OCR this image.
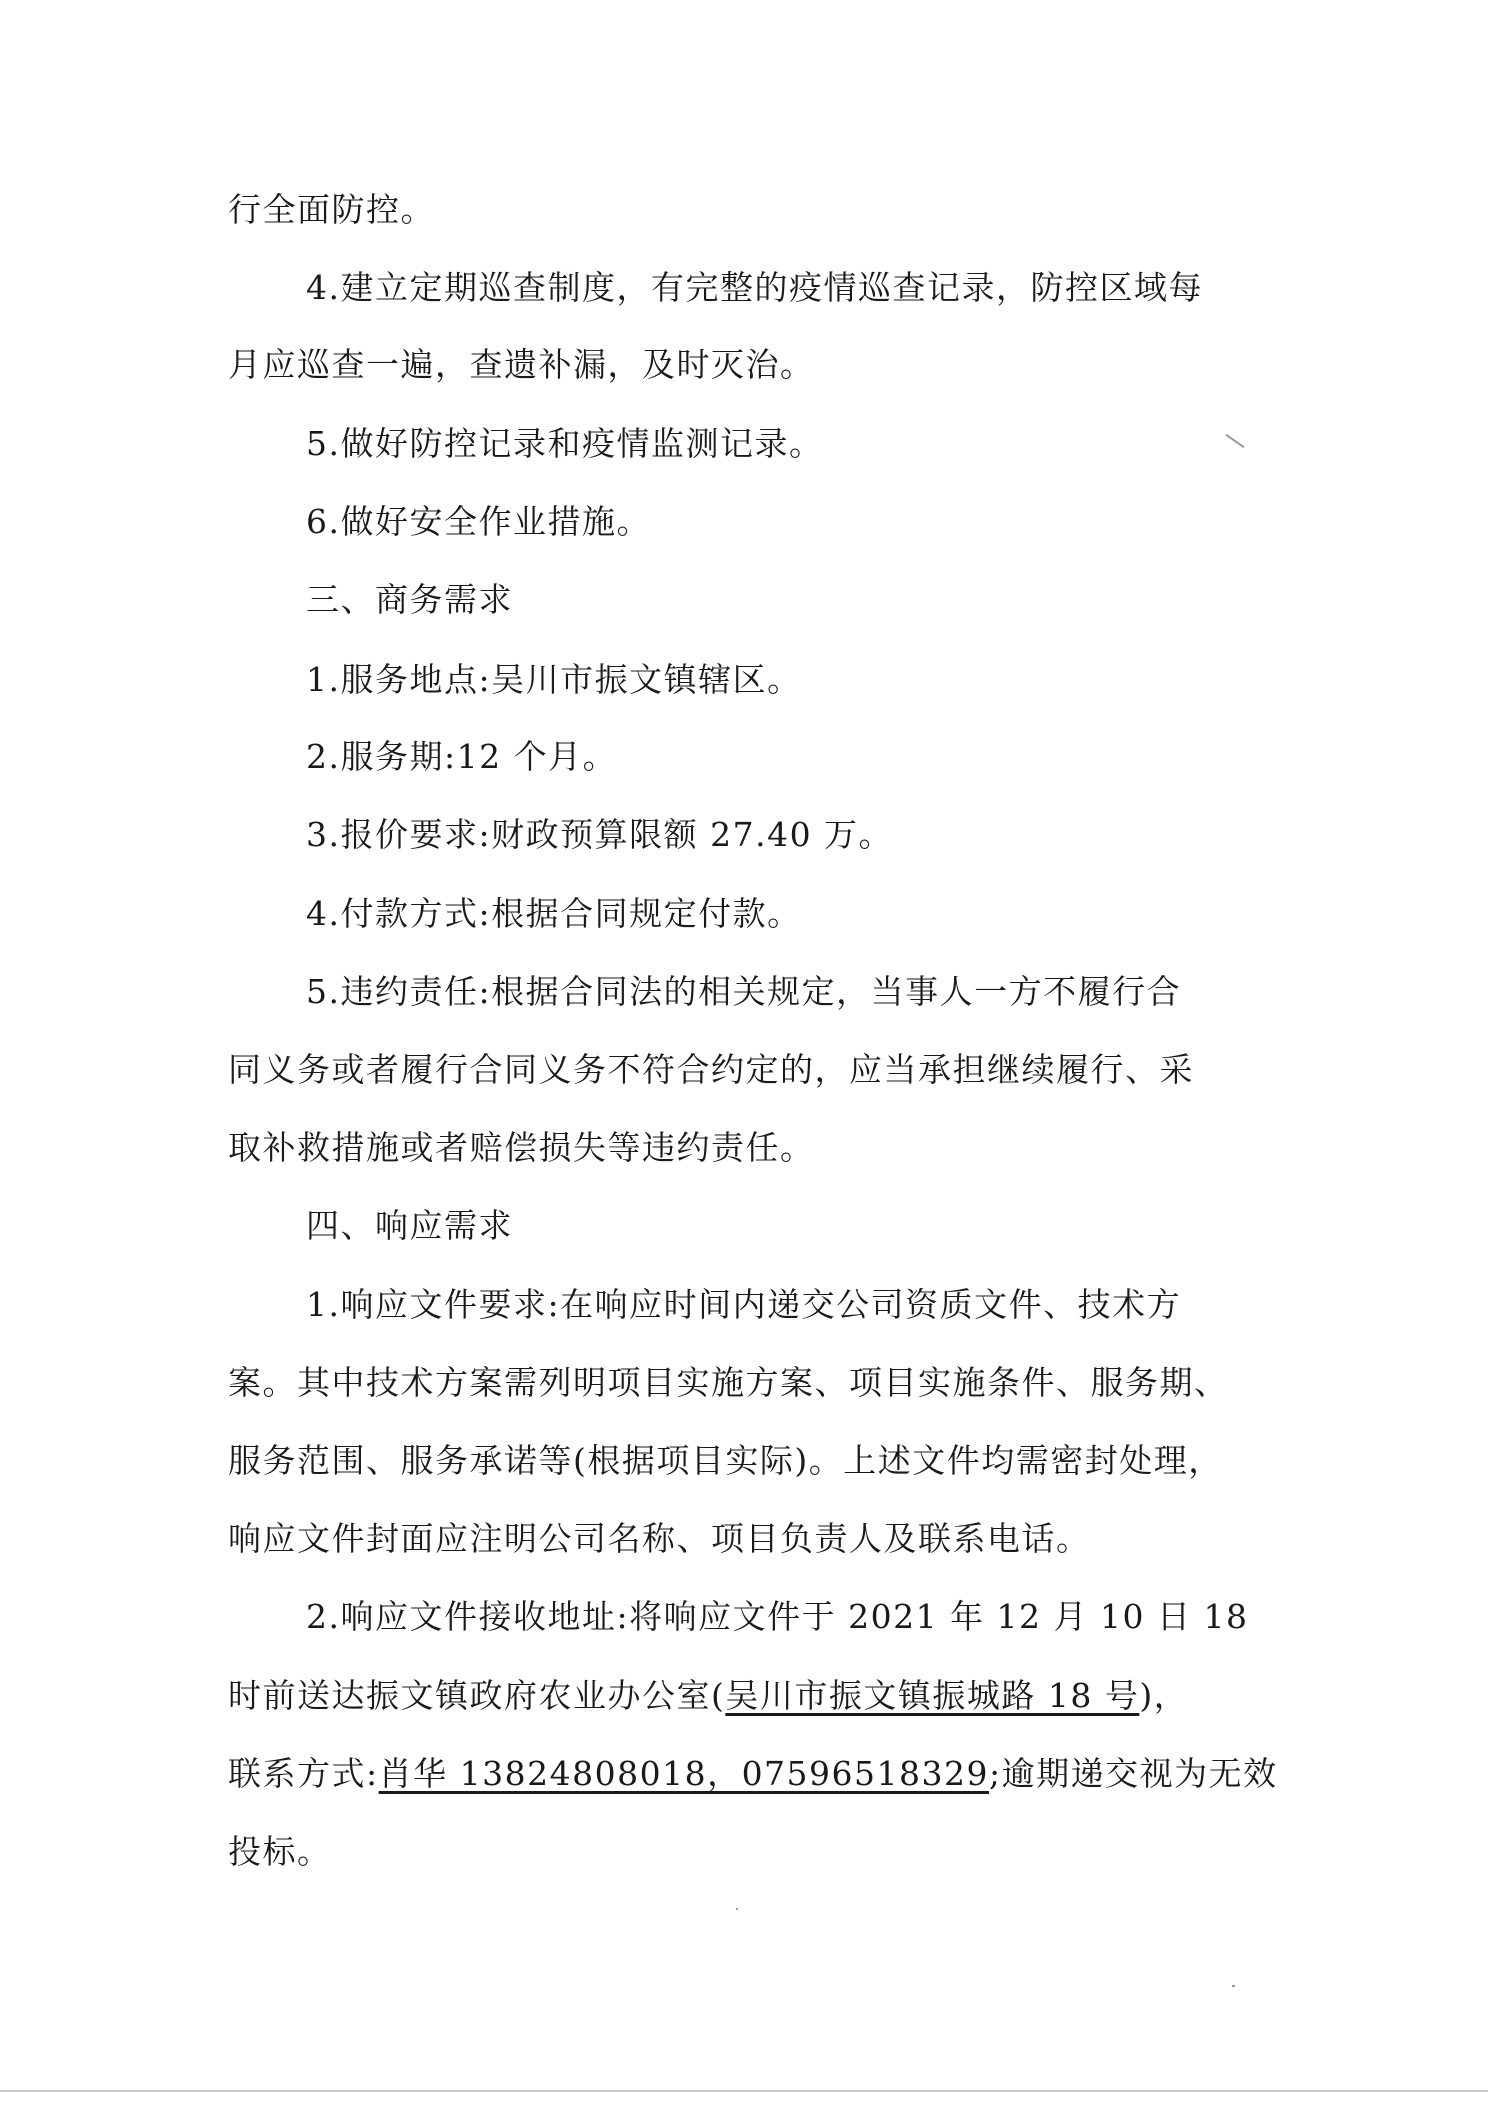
行全面防控。
4.建立定期巡查制度，有完整的疫情巡查记录，防控区域每
月应巡查一遍，查遗补漏，及时灭治。
5.做好防控记录和疫情监测记录。
6.做好安全作业措施。
三、商务需求
1.服务地点:吴川市振文镇辖区。
2.服务期:12 个月。
3.报价要求:财政预算限额 27.40 万。
4.付款方式:根据合同规定付款。
5.违约责任:根据合同法的相关规定，当事人一方不履行合
同义务或者履行合同义务不符合约定的，应当承担继续履行、采
取补救措施或者赔偿损失等违约责任。
四、响应需求
1.响应文件要求:在响应时间内递交公司资质文件、技术方
案。其中技术方案需列明项目实施方案、项目实施条件、服务期、
服务范围、服务承诺等(根据项目实际)。上述文件均需密封处理，
响应文件封面应注明公司名称、项目负责人及联系电话。
2.响应文件接收地址:将响应文件于 2021 年 12 月 10 日 18
时前送达振文镇政府农业办公室(吴川市振文镇振城路 18 号)，
联系方式:肖华 13824808018，07596518329;逾期递交视为无效
投标。
